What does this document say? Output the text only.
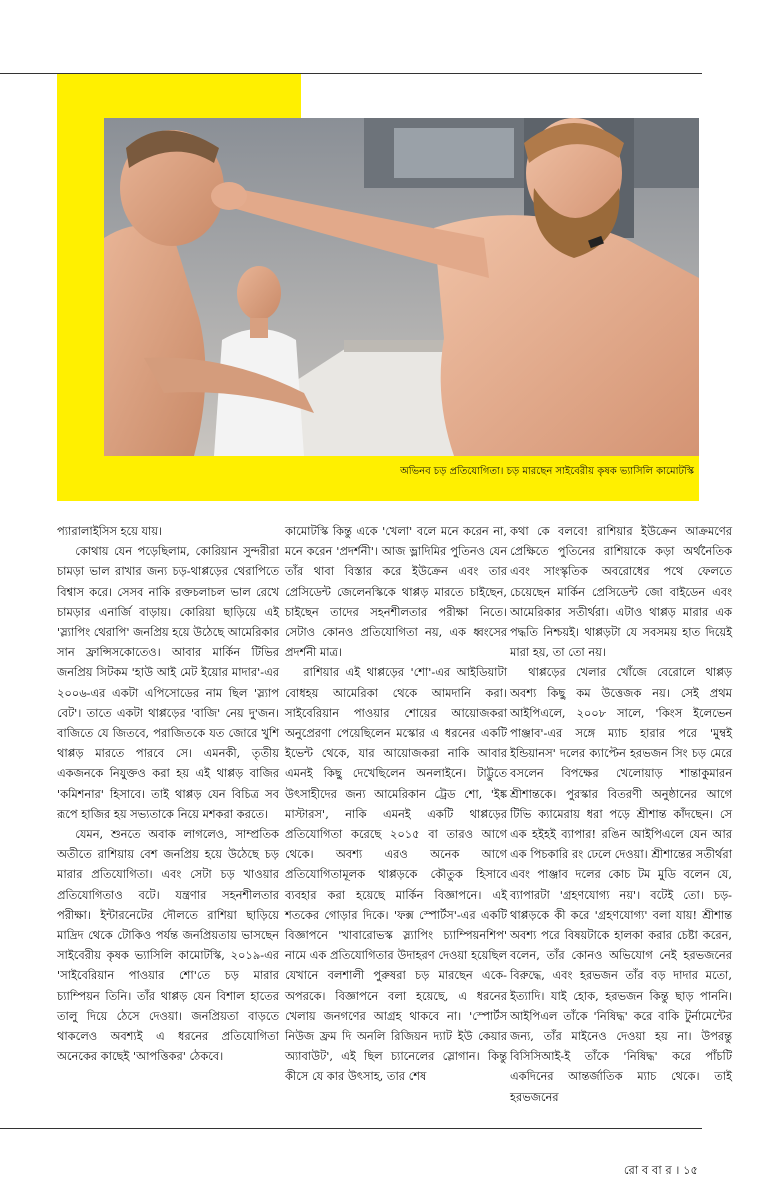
অভিনব চড় প্রতিযোগিতা। চড় মারছেন সাইবেরীয় কৃষক ভ্যাসিলি কামোটস্কি

প্যারালাইসিস হয়ে যায়।

কোথায় যেন পড়েছিলাম, কোরিয়ান সুন্দরীরা চামড়া ভাল রাখার জন্য চড়-থাপ্পড়ের থেরাপিতে বিশ্বাস করে। সেসব নাকি রক্তচলাচল ভাল রেখে চামড়ার এনার্জি বাড়ায়। কোরিয়া ছাড়িয়ে এই 'স্ল্যাপিং থেরাপি' জনপ্রিয় হয়ে উঠেছে আমেরিকার সান ফ্রান্সিসকোতেও। আবার মার্কিন টিভির জনপ্রিয় সিটকম 'হাউ আই মেট ইয়োর মাদার'-এর ২০০৬-এর একটা এপিসোডের নাম ছিল 'স্ল্যাপ বেট'। তাতে একটা থাপ্পড়ের 'বাজি' নেয় দু'জন। বাজিতে যে জিতবে, পরাজিতকে যত জোরে খুশি থাপ্পড় মারতে পারবে সে। এমনকী, তৃতীয় একজনকে নিযুক্তও করা হয় এই থাপ্পড় বাজির 'কমিশনার' হিসাবে। তাই থাপ্পড় যেন বিচিত্র সব রূপে হাজির হয় সভ্যতাকে নিয়ে মশকরা করতে।

যেমন, শুনতে অবাক লাগলেও, সাম্প্রতিক অতীতে রাশিয়ায় বেশ জনপ্রিয় হয়ে উঠেছে চড় মারার প্রতিযোগিতা। এবং সেটা চড় খাওয়ার প্রতিযোগিতাও বটে। যন্ত্রণার সহনশীলতার পরীক্ষা। ইন্টারনেটের দৌলতে রাশিয়া ছাড়িয়ে মাদ্রিদ থেকে টোকিও পর্যন্ত জনপ্রিয়তায় ভাসছেন সাইবেরীয় কৃষক ভ্যাসিলি কামোটস্কি, ২০১৯-এর 'সাইবেরিয়ান পাওয়ার শো'তে চড় মারার চ্যাম্পিয়ন তিনি। তাঁর থাপ্পড় যেন বিশাল হাতের তালু দিয়ে ঠেসে দেওয়া। জনপ্রিয়তা বাড়তে থাকলেও অবশ্যই এ ধরনের প্রতিযোগিতা অনেকের কাছেই 'আপত্তিকর' ঠেকবে।

কামোটস্কি কিন্তু একে 'খেলা' বলে মনে করেন না, মনে করেন 'প্রদর্শনী'। আজ ভ্লাদিমির পুতিনও যেন তাঁর থাবা বিস্তার করে ইউক্রেন এবং তার প্রেসিডেন্ট জেলেনস্কিকে থাপ্পড় মারতে চাইছেন, চাইছেন তাদের সহনশীলতার পরীক্ষা নিতে। সেটাও কোনও প্রতিযোগিতা নয়, এক ধ্বংসের প্রদর্শনী মাত্র।

রাশিয়ার এই থাপ্পড়ের 'শো'-এর আইডিয়াটা বোধহয় আমেরিকা থেকে আমদানি করা। সাইবেরিয়ান পাওয়ার শোয়ের আয়োজকরা অনুপ্রেরণা পেয়েছিলেন মস্কোর এ ধরনের একটি ইভেন্ট থেকে, যার আয়োজকরা নাকি আবার এমনই কিছু দেখেছিলেন অনলাইনে। টাট্টুতে উৎসাহীদের জন্য আমেরিকান ট্রেড শো, 'ইঙ্ক মাস্টারস', নাকি এমনই একটি থাপ্পড়ের প্রতিযোগিতা করেছে ২০১৫ বা তারও আগে থেকে। অবশ্য এরও অনেক আগে প্রতিযোগিতামূলক থাপ্পড়কে কৌতুক হিসাবে ব্যবহার করা হয়েছে মার্কিন বিজ্ঞাপনে। এই শতকের গোড়ার দিকে। 'ফক্স স্পোর্টস'-এর একটি বিজ্ঞাপনে 'খাবারোভস্ক স্ল্যাপিং চ্যাম্পিয়নশিপ' নামে এক প্রতিযোগিতার উদাহরণ দেওয়া হয়েছিল যেখানে বলশালী পুরুষরা চড় মারছেন একে-অপরকে। বিজ্ঞাপনে বলা হয়েছে, এ ধরনের খেলায় জনগণের আগ্রহ থাকবে না। 'স্পোর্টস নিউজ ফ্রম দি অনলি রিজিয়ন দ্যাট ইউ কেয়ার অ্যাবাউট', এই ছিল চ্যানেলের স্লোগান। কিন্তু কীসে যে কার উৎসাহ, তার শেষ

কথা কে বলবে! রাশিয়ার ইউক্রেন আক্রমণের প্রেক্ষিতে পুতিনের রাশিয়াকে কড়া অর্থনৈতিক এবং সাংস্কৃতিক অবরোধের পথে ফেলতে চেয়েছেন মার্কিন প্রেসিডেন্ট জো বাইডেন এবং আমেরিকার সতীর্থরা। এটাও থাপ্পড় মারার এক পদ্ধতি নিশ্চয়ই। থাপ্পড়টা যে সবসময় হাত দিয়েই মারা হয়, তা তো নয়।

থাপ্পড়ের খেলার খোঁজে বেরোলে থাপ্পড় অবশ্য কিছু কম উত্তেজক নয়। সেই প্রথম আইপিএলে, ২০০৮ সালে, 'কিংস ইলেভেন পাঞ্জাব'-এর সঙ্গে ম্যাচ হারার পরে 'মুম্বই ইন্ডিয়ানস' দলের ক্যাপ্টেন হরভজন সিং চড় মেরে বসলেন বিপক্ষের খেলোয়াড় শান্তাকুমারন শ্রীশান্তকে। পুরস্কার বিতরণী অনুষ্ঠানের আগে টিভি ক্যামেরায় ধরা পড়ে শ্রীশান্ত কাঁদছেন। সে এক হইহই ব্যাপার! রঙিন আইপিএলে যেন আর এক পিচকারি রং ঢেলে দেওয়া। শ্রীশান্তের সতীর্থরা এবং পাঞ্জাব দলের কোচ টম মুডি বলেন যে, ব্যাপারটা 'গ্রহণযোগ্য নয়'। বটেই তো। চড়-থাপ্পড়কে কী করে 'গ্রহণযোগ্য' বলা যায়! শ্রীশান্ত অবশ্য পরে বিষয়টাকে হালকা করার চেষ্টা করেন, বলেন, তাঁর কোনও অভিযোগ নেই হরভজনের বিরুদ্ধে, এবং হরভজন তাঁর বড় দাদার মতো, ইত্যাদি। যাই হোক, হরভজন কিন্তু ছাড় পাননি। আইপিএল তাঁকে 'নিষিদ্ধ' করে বাকি টুর্নামেন্টের জন্য, তাঁর মাইনেও দেওয়া হয় না। উপরন্তু বিসিসিআই-ই তাঁকে 'নিষিদ্ধ' করে পাঁচটি একদিনের আন্তর্জাতিক ম্যাচ থেকে। তাই হরভজনের

রো ব বা র । ১৫
